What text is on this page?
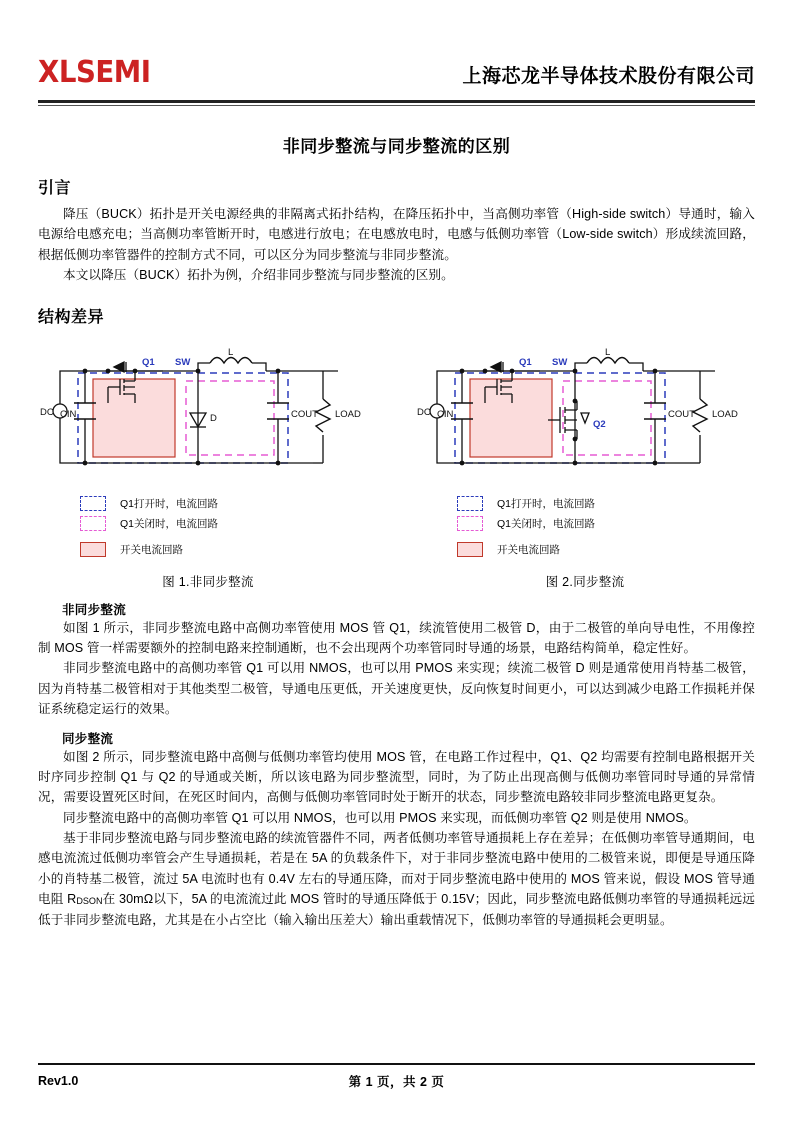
XLSEMI	上海芯龙半导体技术股份有限公司
非同步整流与同步整流的区别
引言

降压（BUCK）拓扑是开关电源经典的非隔离式拓扑结构，在降压拓扑中，当高侧功率管（High-side switch）导通时，输入电源给电感充电；当高侧功率管断开时，电感进行放电；在电感放电时，电感与低侧功率管（Low-side switch）形成续流回路，根据低侧功率管器件的控制方式不同，可以区分为同步整流与非同步整流。

本文以降压（BUCK）拓扑为例，介绍非同步整流与同步整流的区别。

结构差异
DC CIN	D	COUT LOAD
L
Q1 SW
Q1打开时，电流回路
Q1关闭时，电流回路
开关电流回路
图 1.非同步整流
DC CIN	COUT LOAD
L
Q1 SW
Q2
Q1打开时，电流回路
Q1关闭时，电流回路
开关电流回路
图 2.同步整流
非同步整流

如图 1 所示，非同步整流电路中高侧功率管使用 MOS 管 Q1，续流管使用二极管 D，由于二极管的单向导电性，不用像控制 MOS 管一样需要额外的控制电路来控制通断，也不会出现两个功率管同时导通的场景，电路结构简单，稳定性好。

非同步整流电路中的高侧功率管 Q1 可以用 NMOS，也可以用 PMOS 来实现；续流二极管 D 则是通常使用肖特基二极管，因为肖特基二极管相对于其他类型二极管，导通电压更低，开关速度更快，反向恢复时间更小，可以达到减少电路工作损耗并保证系统稳定运行的效果。

同步整流

如图 2 所示，同步整流电路中高侧与低侧功率管均使用 MOS 管，在电路工作过程中，Q1、Q2 均需要有控制电路根据开关时序同步控制 Q1 与 Q2 的导通或关断，所以该电路为同步整流型，同时，为了防止出现高侧与低侧功率管同时导通的异常情况，需要设置死区时间，在死区时间内，高侧与低侧功率管同时处于断开的状态，同步整流电路较非同步整流电路更复杂。

同步整流电路中的高侧功率管 Q1 可以用 NMOS，也可以用 PMOS 来实现，而低侧功率管 Q2 则是使用 NMOS。

基于非同步整流电路与同步整流电路的续流管器件不同，两者低侧功率管导通损耗上存在差异；在低侧功率管导通期间，电感电流流过低侧功率管会产生导通损耗，若是在 5A 的负载条件下，对于非同步整流电路中使用的二极管来说，即便是导通压降小的肖特基二极管，流过 5A 电流时也有 0.4V 左右的导通压降，而对于同步整流电路中使用的 MOS 管来说，假设 MOS 管导通电阻 RDSON在 30mΩ以下，5A 的电流流过此 MOS 管时的导通压降低于 0.15V；因此，同步整流电路低侧功率管的导通损耗远远低于非同步整流电路，尤其是在小占空比（输入输出压差大）输出重载情况下，低侧功率管的导通损耗会更明显。

Rev1.0	第 1 页，共 2 页
